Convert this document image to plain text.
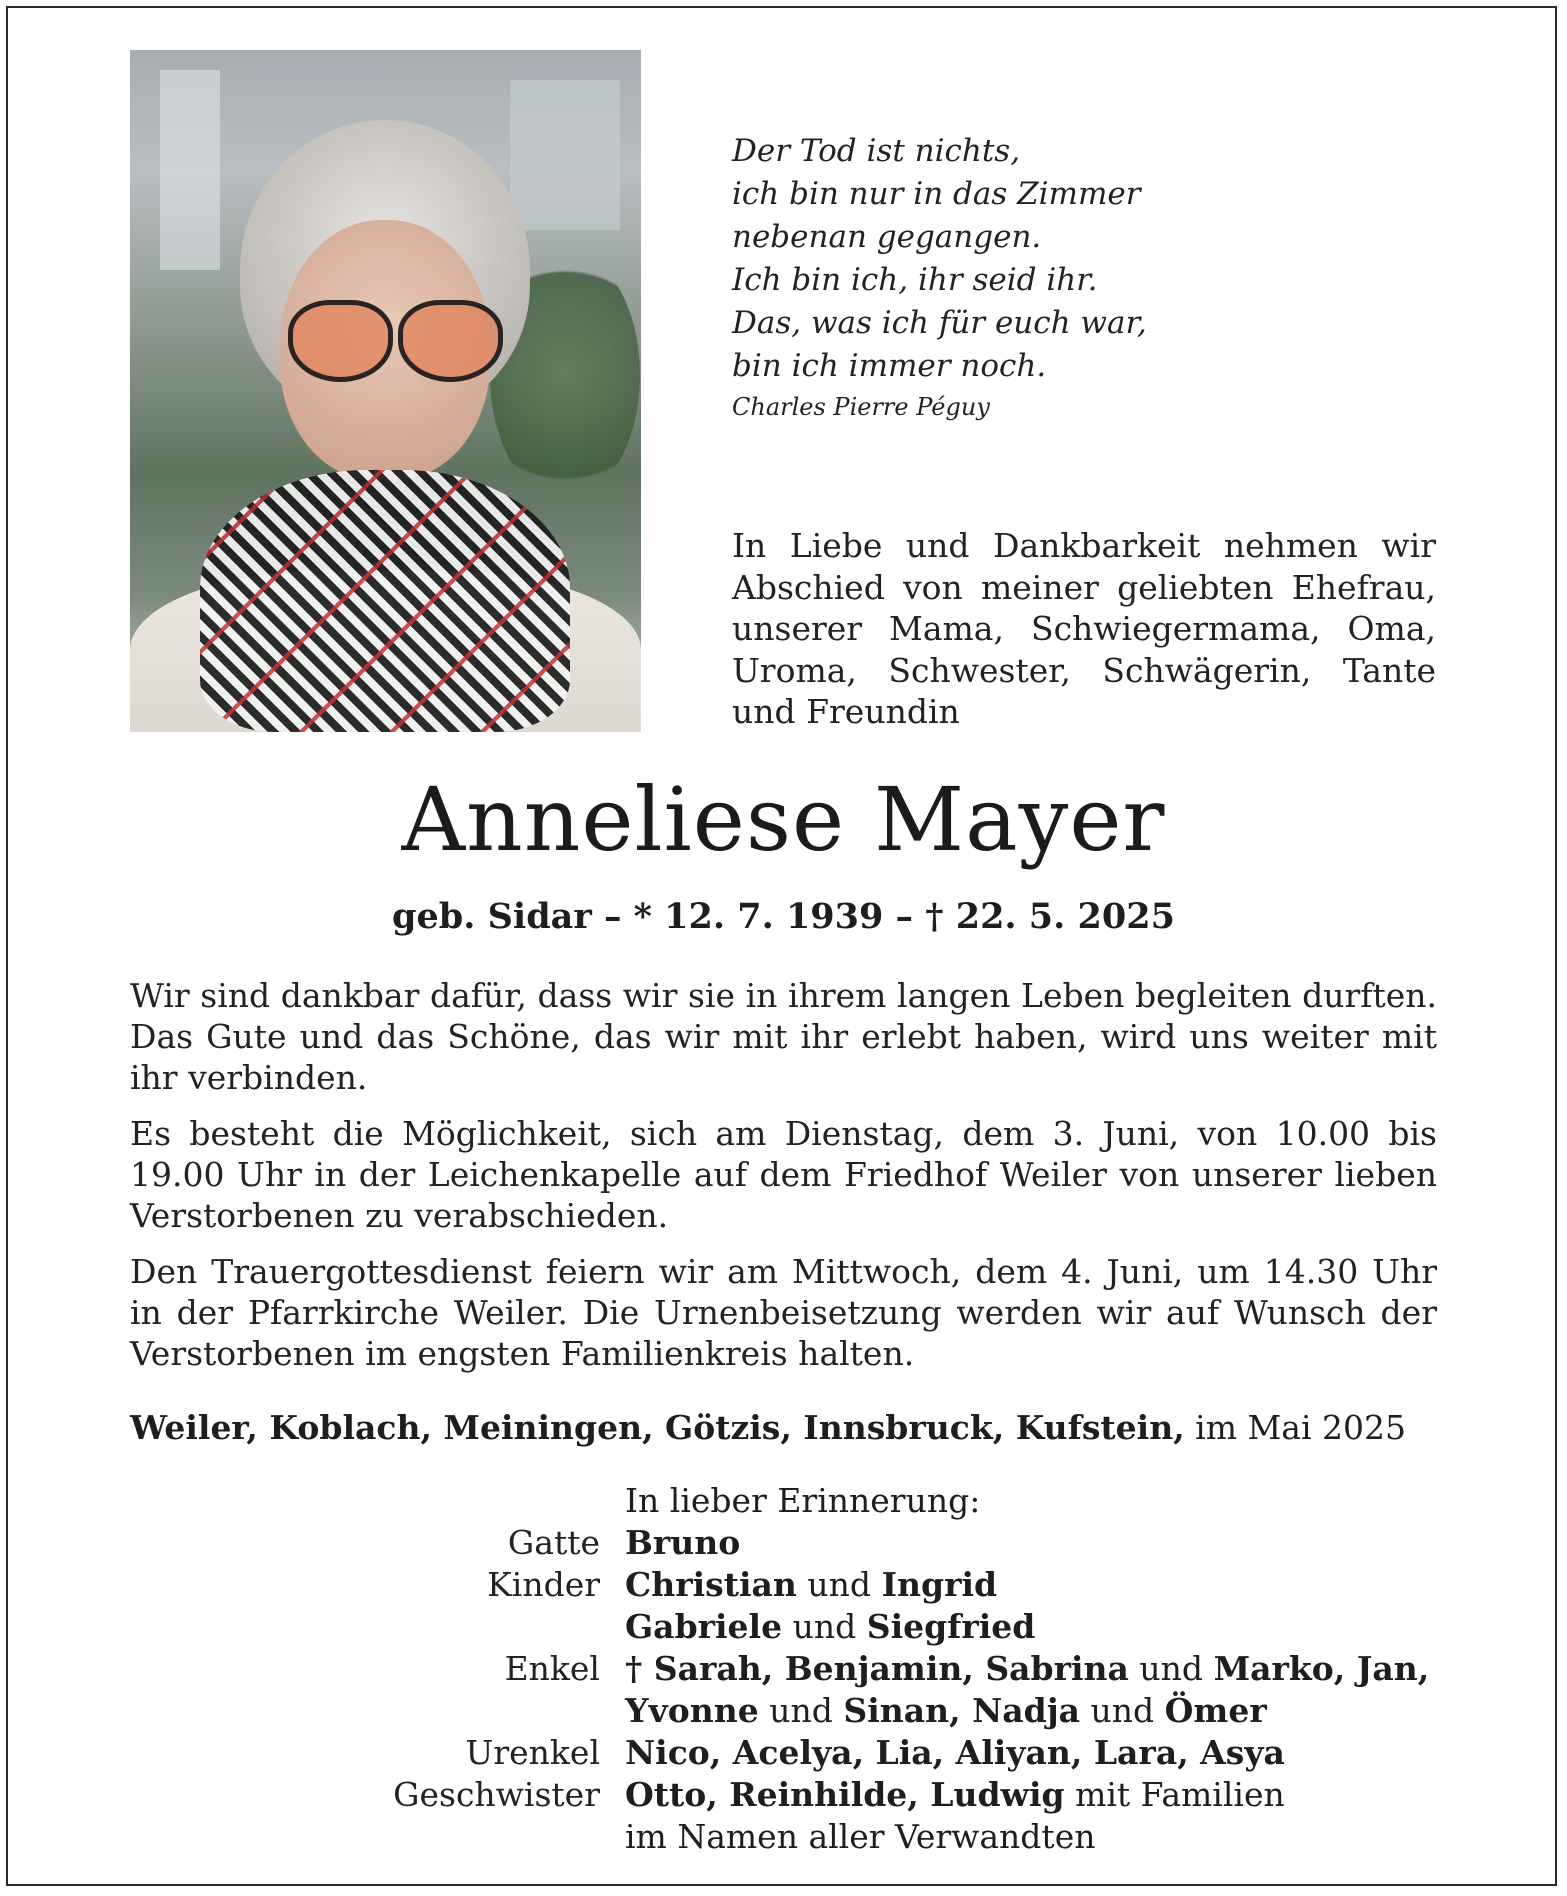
Der Tod ist nichts,
ich bin nur in das Zimmer
nebenan gegangen.
Ich bin ich, ihr seid ihr.
Das, was ich für euch war,
bin ich immer noch.
Charles Pierre Péguy
In Liebe und Dankbarkeit nehmen wir
Abschied von meiner geliebten Ehefrau,
unserer Mama, Schwiegermama, Oma,
Uroma, Schwester, Schwägerin, Tante
und Freundin
Anneliese Mayer
geb. Sidar – * 12. 7. 1939 – † 22. 5. 2025
Wir sind dankbar dafür, dass wir sie in ihrem langen Leben begleiten durften.
Das Gute und das Schöne, das wir mit ihr erlebt haben, wird uns weiter mit
ihr verbinden.
Es besteht die Möglichkeit, sich am Dienstag, dem 3. Juni, von 10.00 bis
19.00 Uhr in der Leichenkapelle auf dem Friedhof Weiler von unserer lieben
Verstorbenen zu verabschieden.
Den Trauergottesdienst feiern wir am Mittwoch, dem 4. Juni, um 14.30 Uhr
in der Pfarrkirche Weiler. Die Urnenbeisetzung werden wir auf Wunsch der
Verstorbenen im engsten Familienkreis halten.
Weiler, Koblach, Meiningen, Götzis, Innsbruck, Kufstein, im Mai 2025
In lieber Erinnerung:
Gatte Bruno
Kinder Christian und Ingrid
Gabriele und Siegfried
Enkel † Sarah, Benjamin, Sabrina und Marko, Jan,
Yvonne und Sinan, Nadja und Ömer
Urenkel Nico, Acelya, Lia, Aliyan, Lara, Asya
Geschwister Otto, Reinhilde, Ludwig mit Familien
im Namen aller Verwandten
